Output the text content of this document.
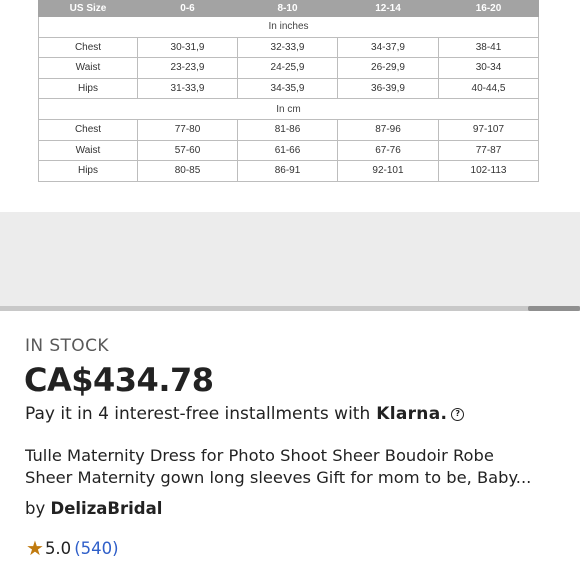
US Size	0-6	8-10	12-14	16-20
In inches				
Chest	30-31,9	32-33,9	34-37,9	38-41
Waist	23-23,9	24-25,9	26-29,9	30-34
Hips	31-33,9	34-35,9	36-39,9	40-44,5
In cm				
Chest	77-80	81-86	87-96	97-107
Waist	57-60	61-66	67-76	77-87
Hips	80-85	86-91	92-101	102-113
IN STOCK
CA$434.78
Pay it in 4 interest-free installments with Klarna.	?
Tulle Maternity Dress for Photo Shoot Sheer Boudoir Robe
Sheer Maternity gown long sleeves Gift for mom to be, Baby...
by DelizaBridal
★ 5.0 (540)
